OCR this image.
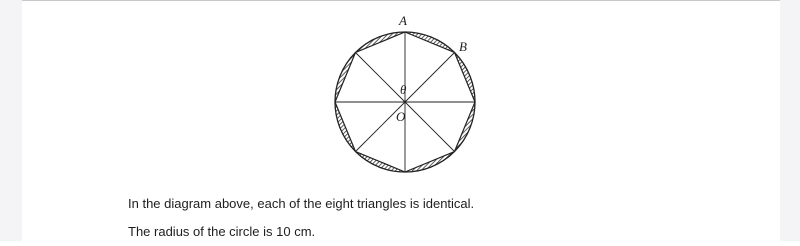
A
B
θ
O
In the diagram above, each of the eight triangles is identical.
The radius of the circle is 10 cm.
